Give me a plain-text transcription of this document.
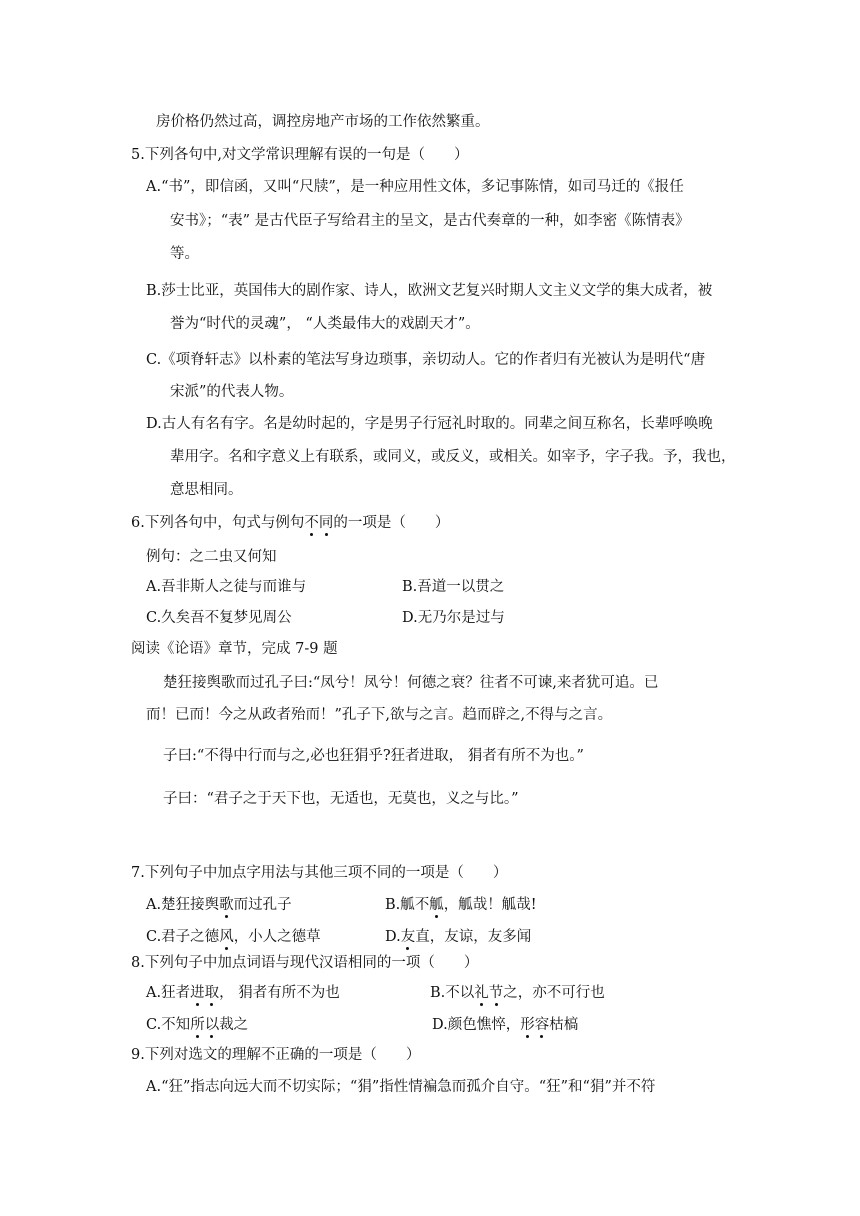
房价格仍然过高，调控房地产市场的工作依然繁重。
5.下列各句中,对文学常识理解有误的一句是（　　）
A.“书”，即信函，又叫“尺牍”，是一种应用性文体，多记事陈情，如司马迁的《报任
安书》；“表” 是古代臣子写给君主的呈文，是古代奏章的一种，如李密《陈情表》
等。
B.莎士比亚，英国伟大的剧作家、诗人，欧洲文艺复兴时期人文主义文学的集大成者，被
誉为“时代的灵魂”， “人类最伟大的戏剧天才”。
C.《项脊轩志》以朴素的笔法写身边琐事，亲切动人。它的作者归有光被认为是明代“唐
宋派”的代表人物。
D.古人有名有字。名是幼时起的，字是男子行冠礼时取的。同辈之间互称名，长辈呼唤晚
辈用字。名和字意义上有联系，或同义，或反义，或相关。如宰予，字子我。予，我也，
意思相同。
6.下列各句中，句式与例句不同的一项是（　　）
例句：之二虫又何知
A.吾非斯人之徒与而谁与	B.吾道一以贯之
C.久矣吾不复梦见周公	D.无乃尔是过与
阅读《论语》章节，完成 7-9 题
楚狂接舆歌而过孔子曰:“凤兮！凤兮！何德之衰？往者不可谏,来者犹可追。已
而！已而！今之从政者殆而！”孔子下,欲与之言。趋而辟之,不得与之言。
子曰:“不得中行而与之,必也狂狷乎?狂者进取， 狷者有所不为也。”
子曰：“君子之于天下也，无适也，无莫也，义之与比。”
7.下列句子中加点字用法与其他三项不同的一项是（　　）
A.楚狂接舆歌而过孔子	B.觚不觚，觚哉！觚哉!
C.君子之德风，小人之德草	D.友直，友谅，友多闻
8.下列句子中加点词语与现代汉语相同的一项（　　）
A.狂者进取， 狷者有所不为也	B.不以礼节之，亦不可行也
C.不知所以裁之	D.颜色憔悴，形容枯槁
9.下列对选文的理解不正确的一项是（　　）
A.“狂”指志向远大而不切实际；“狷”指性情褊急而孤介自守。“狂”和“狷”并不符
